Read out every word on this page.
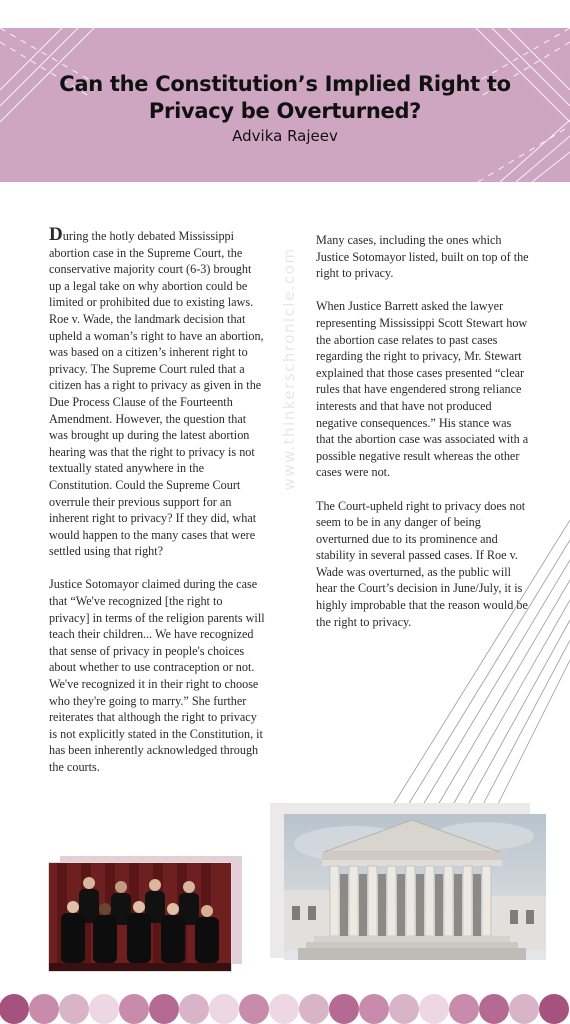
Can the Constitution’s Implied Right to
Privacy be Overturned?
Advika Rajeev
www.thinkerschronicle.com

During the hotly debated Mississippi abortion case in the Supreme Court, the conservative majority court (6-3) brought up a legal take on why abortion could be limited or prohibited due to existing laws. Roe v. Wade, the landmark decision that upheld a woman’s right to have an abortion, was based on a citizen’s inherent right to privacy. The Supreme Court ruled that a citizen has a right to privacy as given in the Due Process Clause of the Fourteenth Amendment. However, the question that was brought up during the latest abortion hearing was that the right to privacy is not textually stated anywhere in the Constitution. Could the Supreme Court overrule their previous support for an inherent right to privacy? If they did, what would happen to the many cases that were settled using that right?

Justice Sotomayor claimed during the case that “We've recognized [the right to privacy] in terms of the religion parents will teach their children... We have recognized that sense of privacy in people's choices about whether to use contraception or not. We've recognized it in their right to choose who they're going to marry.” She further reiterates that although the right to privacy is not explicitly stated in the Constitution, it has been inherently acknowledged through the courts.

Many cases, including the ones which Justice Sotomayor listed, built on top of the right to privacy.

When Justice Barrett asked the lawyer representing Mississippi Scott Stewart how the abortion case relates to past cases regarding the right to privacy, Mr. Stewart explained that those cases presented “clear rules that have engendered strong reliance interests and that have not produced negative consequences.” His stance was that the abortion case was associated with a possible negative result whereas the other cases were not.

The Court-upheld right to privacy does not seem to be in any danger of being overturned due to its prominence and stability in several passed cases. If Roe v. Wade was overturned, as the public will hear the Court’s decision in June/July, it is highly improbable that the reason would be the right to privacy.
